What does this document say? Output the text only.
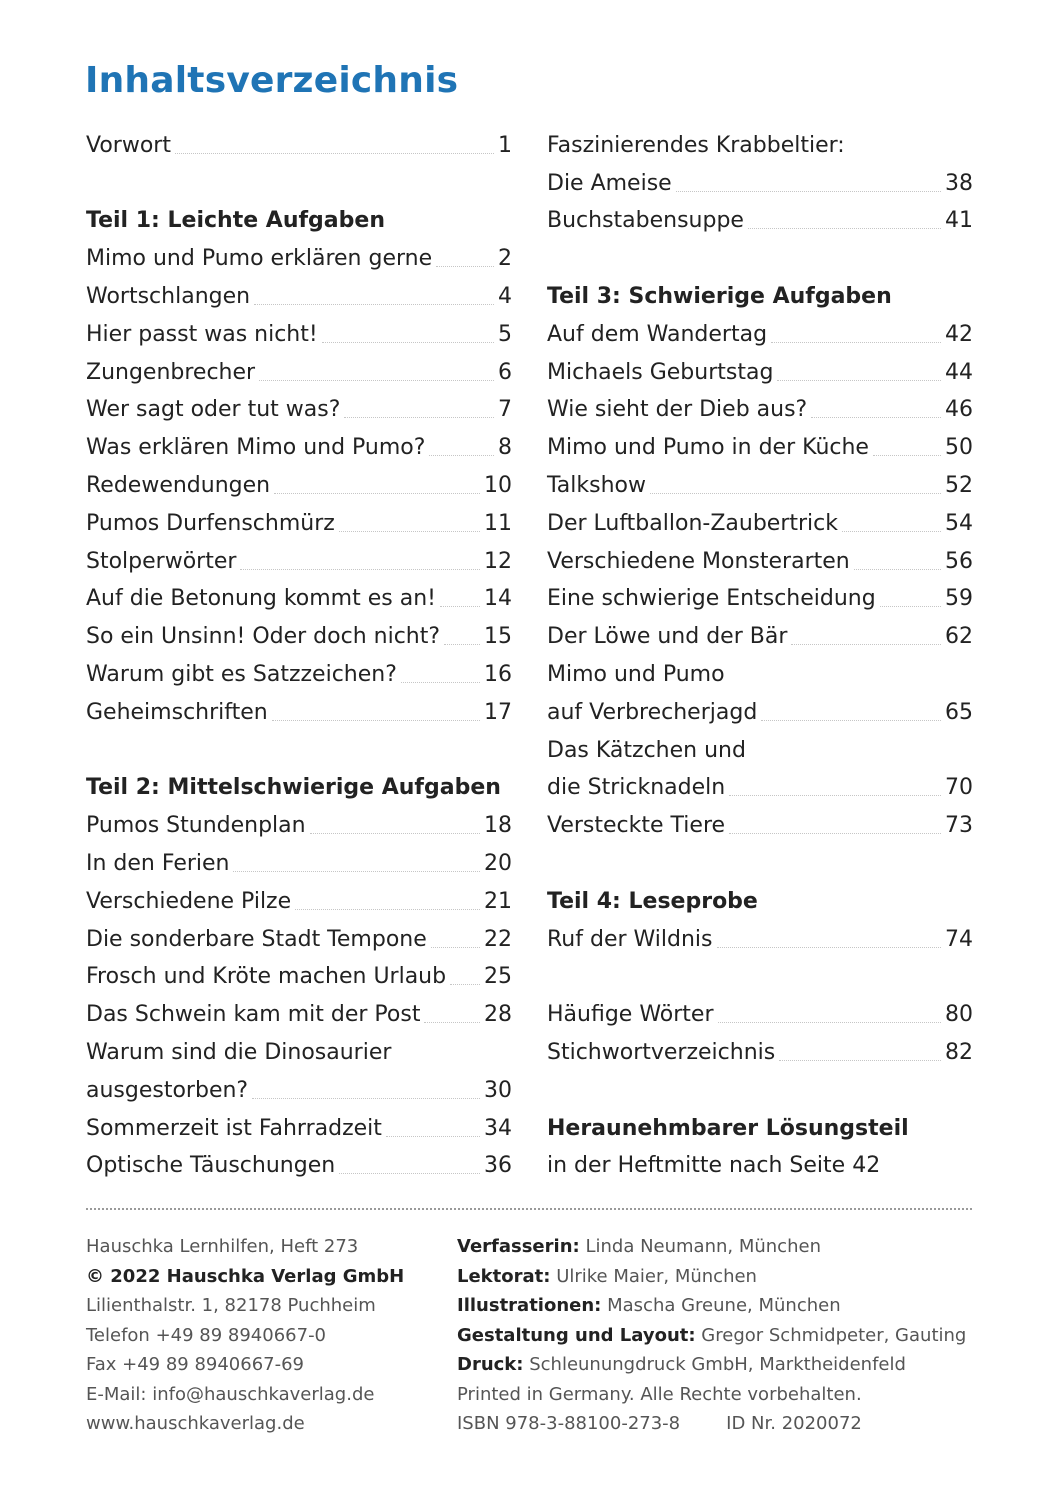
Inhaltsverzeichnis
Vorwort	1
Teil 1: Leichte Aufgaben
Mimo und Pumo erklären gerne	2
Wortschlangen	4
Hier passt was nicht!	5
Zungenbrecher	6
Wer sagt oder tut was?	7
Was erklären Mimo und Pumo?	8
Redewendungen	10
Pumos Durfenschmürz	11
Stolperwörter	12
Auf die Betonung kommt es an! 14
So ein Unsinn! Oder doch nicht? 15
Warum gibt es Satzzeichen?	16
Geheimschriften	17
Teil 2: Mittelschwierige Aufgaben
Pumos Stundenplan	18
In den Ferien	20
Verschiedene Pilze	21
Die sonderbare Stadt Tempone	22
Frosch und Kröte machen Urlaub 25
Das Schwein kam mit der Post	28
Warum sind die Dinosaurier
ausgestorben?	30
Sommerzeit ist Fahrradzeit	34
Optische Täuschungen	36
Faszinierendes Krabbeltier:
Die Ameise	38
Buchstabensuppe	41
Teil 3: Schwierige Aufgaben
Auf dem Wandertag	42
Michaels Geburtstag	44
Wie sieht der Dieb aus?	46
Mimo und Pumo in der Küche	50
Talkshow	52
Der Luftballon-Zaubertrick	54
Verschiedene Monsterarten	56
Eine schwierige Entscheidung	59
Der Löwe und der Bär	62
Mimo und Pumo
auf Verbrecherjagd	65
Das Kätzchen und
die Stricknadeln	70
Versteckte Tiere	73
Teil 4: Leseprobe
Ruf der Wildnis	74
Häufige Wörter	80
Stichwortverzeichnis	82
Heraunehmbarer Lösungsteil
in der Heftmitte nach Seite 42
Hauschka Lernhilfen, Heft 273
© 2022 Hauschka Verlag GmbH
Lilienthalstr. 1, 82178 Puchheim
Telefon +49 89 8940667-0
Fax +49 89 8940667-69
E-Mail: info@hauschkaverlag.de
www.hauschkaverlag.de
Verfasserin: Linda Neumann, München
Lektorat: Ulrike Maier, München
Illustrationen: Mascha Greune, München
Gestaltung und Layout: Gregor Schmidpeter, Gauting
Druck: Schleunungdruck GmbH, Marktheidenfeld
Printed in Germany. Alle Rechte vorbehalten.
ISBN 978-3-88100-273-8	ID Nr. 2020072
